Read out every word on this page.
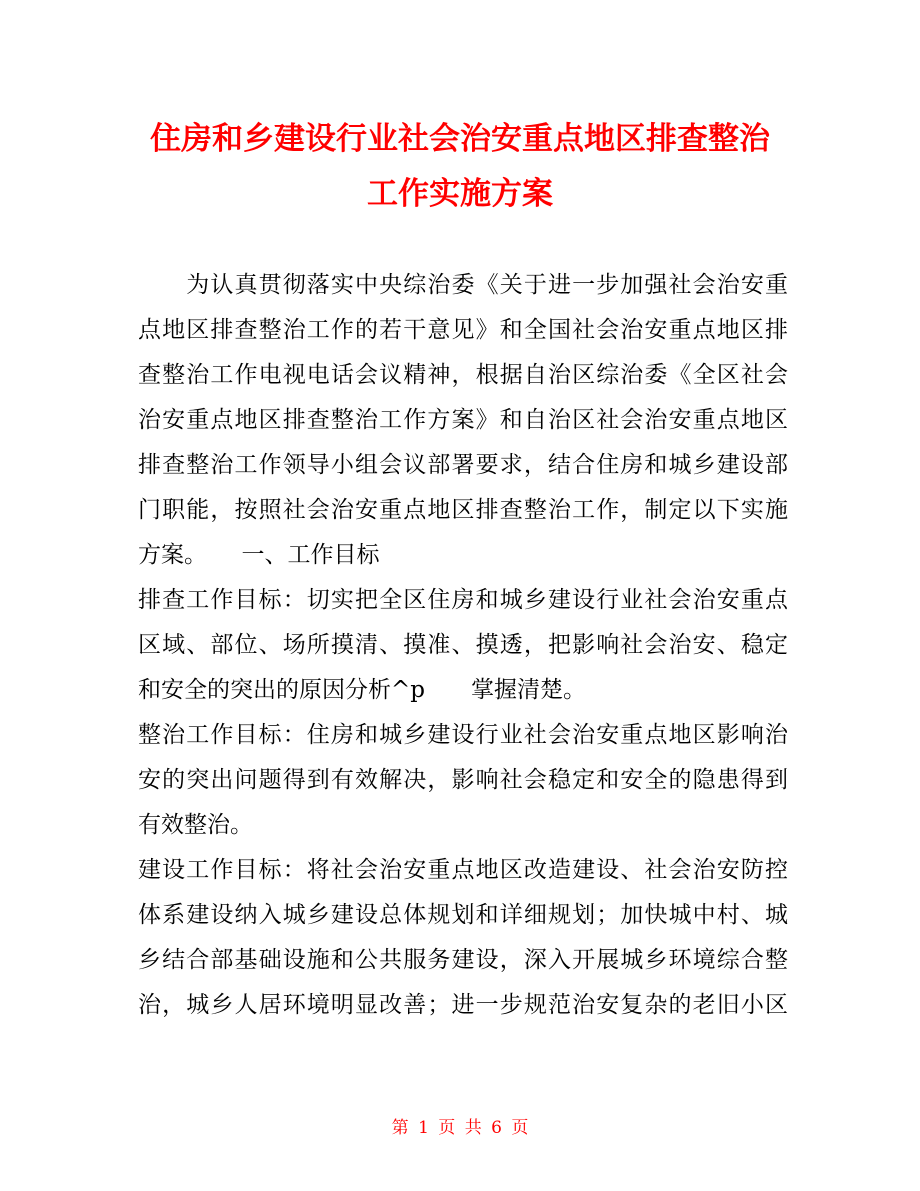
住房和乡建设行业社会治安重点地区排查整治
工作实施方案
　　为认真贯彻落实中央综治委《关于进一步加强社会治安重
点地区排查整治工作的若干意见》和全国社会治安重点地区排
查整治工作电视电话会议精神，根据自治区综治委《全区社会
治安重点地区排查整治工作方案》和自治区社会治安重点地区
排查整治工作领导小组会议部署要求，结合住房和城乡建设部
门职能，按照社会治安重点地区排查整治工作，制定以下实施
方案。　　一、工作目标
排查工作目标：切实把全区住房和城乡建设行业社会治安重点
区域、部位、场所摸清、摸准、摸透，把影响社会治安、稳定
和安全的突出的原因分析^p　　掌握清楚。
整治工作目标：住房和城乡建设行业社会治安重点地区影响治
安的突出问题得到有效解决，影响社会稳定和安全的隐患得到
有效整治。
建设工作目标：将社会治安重点地区改造建设、社会治安防控
体系建设纳入城乡建设总体规划和详细规划；加快城中村、城
乡结合部基础设施和公共服务建设，深入开展城乡环境综合整
治，城乡人居环境明显改善；进一步规范治安复杂的老旧小区
第 1 页 共 6 页
